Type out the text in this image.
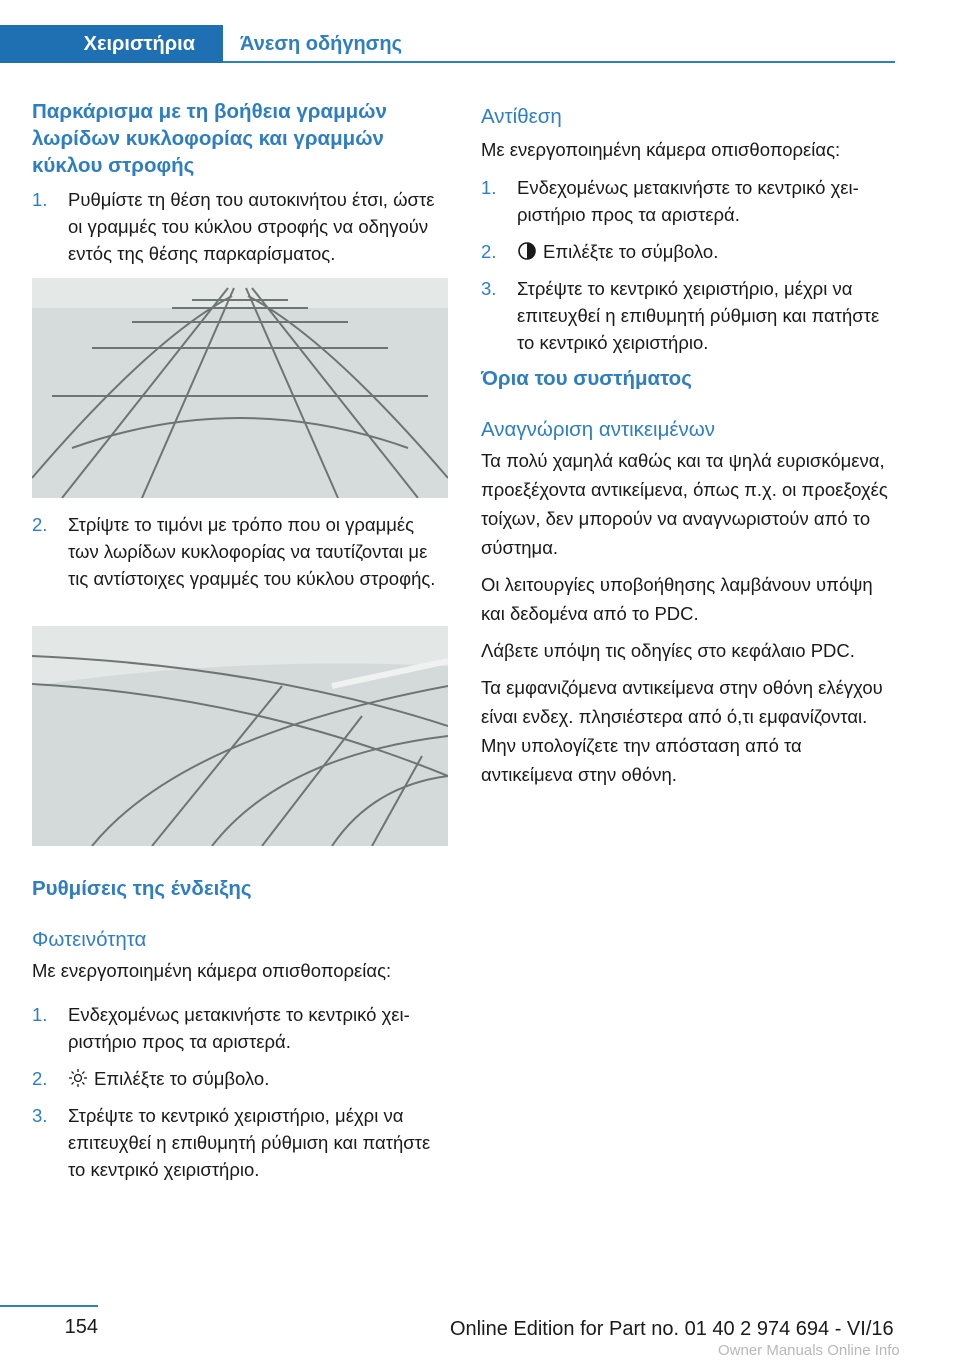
Χειριστήρια Άνεση οδήγησης
Παρκάρισμα με τη βοήθεια γραμμών λωρίδων κυκλοφορίας και γραμμών κύκλου στροφής
1. Ρυθμίστε τη θέση του αυτοκινήτου έτσι, ώστε οι γραμμές του κύκλου στροφής να οδηγούν εντός της θέσης παρκαρίσματος.
2. Στρίψτε το τιμόνι με τρόπο που οι γραμμές των λωρίδων κυκλοφορίας να ταυτίζονται με τις αντίστοιχες γραμμές του κύκλου στροφής.
Ρυθμίσεις της ένδειξης
Φωτεινότητα

Με ενεργοποιημένη κάμερα οπισθοπορείας:

1. Ενδεχομένως μετακινήστε το κεντρικό χειριστήριο προς τα αριστερά.
2.	Επιλέξτε το σύμβολο.
3. Στρέψτε το κεντρικό χειριστήριο, μέχρι να επιτευχθεί η επιθυμητή ρύθμιση και πατήστε το κεντρικό χειριστήριο.
Αντίθεση

Με ενεργοποιημένη κάμερα οπισθοπορείας:

1. Ενδεχομένως μετακινήστε το κεντρικό χειριστήριο προς τα αριστερά.
2.	Επιλέξτε το σύμβολο.
3. Στρέψτε το κεντρικό χειριστήριο, μέχρι να επιτευχθεί η επιθυμητή ρύθμιση και πατήστε το κεντρικό χειριστήριο.
Όρια του συστήματος
Αναγνώριση αντικειμένων

Τα πολύ χαμηλά καθώς και τα ψηλά ευρισκόμενα, προεξέχοντα αντικείμενα, όπως π.χ. οι προεξοχές τοίχων, δεν μπορούν να αναγνωριστούν από το σύστημα.

Οι λειτουργίες υποβοήθησης λαμβάνουν υπόψη και δεδομένα από το PDC.

Λάβετε υπόψη τις οδηγίες στο κεφάλαιο PDC.

Τα εμφανιζόμενα αντικείμενα στην οθόνη ελέγχου είναι ενδεχ. πλησιέστερα από ό,τι εμφανίζονται. Μην υπολογίζετε την απόσταση από τα αντικείμενα στην οθόνη.

154	Online Edition for Part no. 01 40 2 974 694 - VI/16
Owner Manuals Online Info
